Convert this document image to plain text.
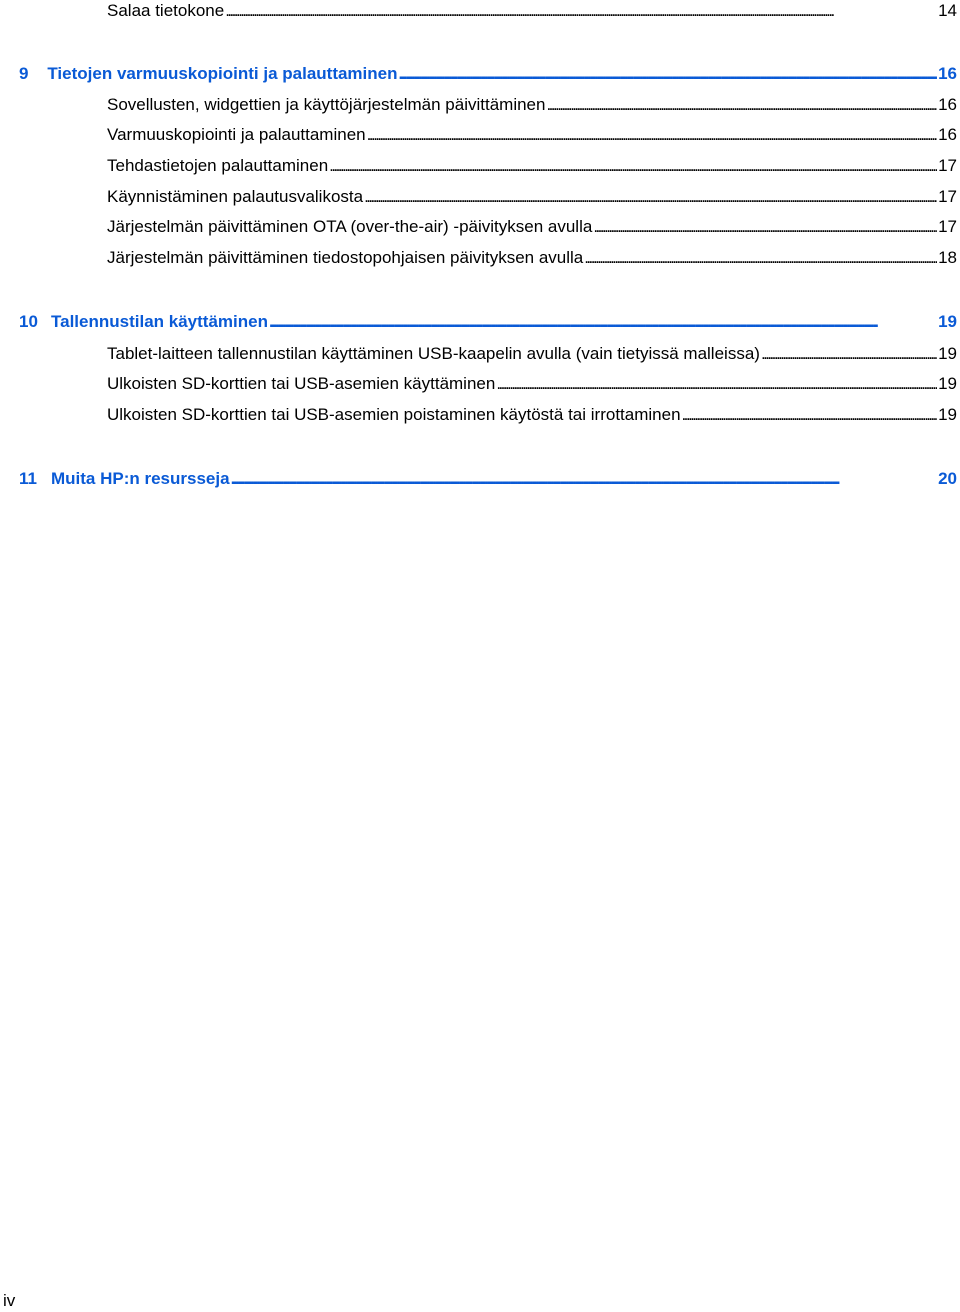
Salaa tietokone . . .	14
9	Tietojen varmuuskopiointi ja palauttaminen . . .	16
Sovellusten, widgettien ja käyttöjärjestelmän päivittäminen . . .	16
Varmuuskopiointi ja palauttaminen . . .	16
Tehdastietojen palauttaminen . . .	17
Käynnistäminen palautusvalikosta . . .	17
Järjestelmän päivittäminen OTA (over-the-air) -päivityksen avulla . . .	17
Järjestelmän päivittäminen tiedostopohjaisen päivityksen avulla . . .	18
10 Tallennustilan käyttäminen . . .	19
Tablet-laitteen tallennustilan käyttäminen USB-kaapelin avulla (vain tietyissä malleissa) . . .	19
Ulkoisten SD-korttien tai USB-asemien käyttäminen . . .	19
Ulkoisten SD-korttien tai USB-asemien poistaminen käytöstä tai irrottaminen . . .	19
11 Muita HP:n resursseja . . .	20
iv
